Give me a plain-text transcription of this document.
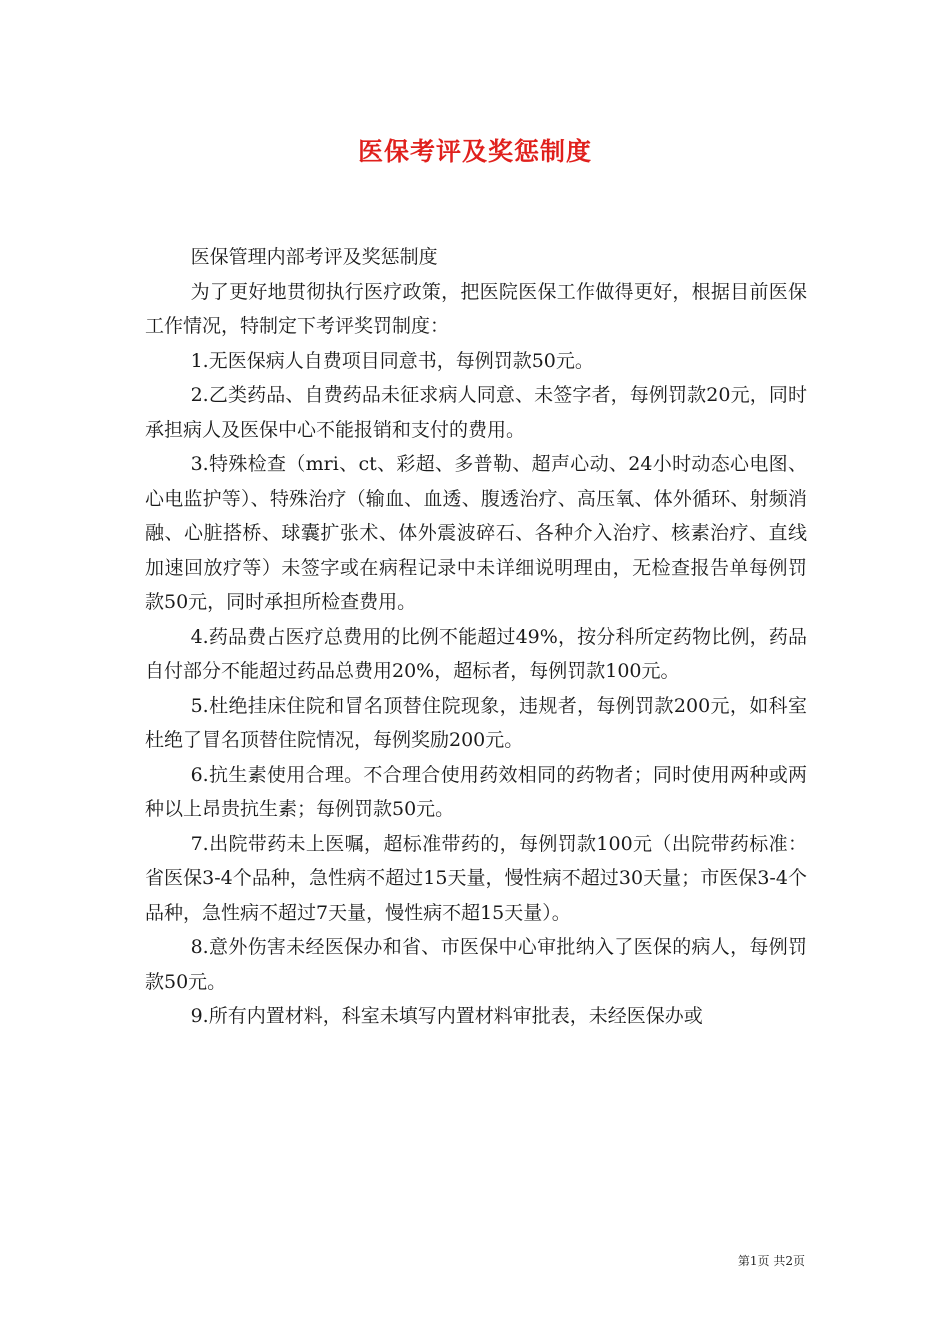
医保考评及奖惩制度

医保管理内部考评及奖惩制度

为了更好地贯彻执行医疗政策，把医院医保工作做得更好，根据目前医保工作情况，特制定下考评奖罚制度：

1.无医保病人自费项目同意书，每例罚款50元。

2.乙类药品、自费药品未征求病人同意、未签字者，每例罚款20元，同时承担病人及医保中心不能报销和支付的费用。

3.特殊检查（mri、ct、彩超、多普勒、超声心动、24小时动态心电图、心电监护等）、特殊治疗（输血、血透、腹透治疗、高压氧、体外循环、射频消融、心脏搭桥、球囊扩张术、体外震波碎石、各种介入治疗、核素治疗、直线加速回放疗等）未签字或在病程记录中未详细说明理由，无检查报告单每例罚款50元，同时承担所检查费用。

4.药品费占医疗总费用的比例不能超过49%，按分科所定药物比例，药品自付部分不能超过药品总费用20%，超标者，每例罚款100元。

5.杜绝挂床住院和冒名顶替住院现象，违规者，每例罚款200元，如科室杜绝了冒名顶替住院情况，每例奖励200元。

6.抗生素使用合理。不合理合使用药效相同的药物者；同时使用两种或两种以上昂贵抗生素；每例罚款50元。

7.出院带药未上医嘱，超标准带药的，每例罚款100元（出院带药标准：省医保3-4个品种，急性病不超过15天量，慢性病不超过30天量；市医保3-4个品种，急性病不超过7天量，慢性病不超15天量）。

8.意外伤害未经医保办和省、市医保中心审批纳入了医保的病人，每例罚款50元。

9.所有内置材料，科室未填写内置材料审批表，未经医保办或

第1页 共2页
